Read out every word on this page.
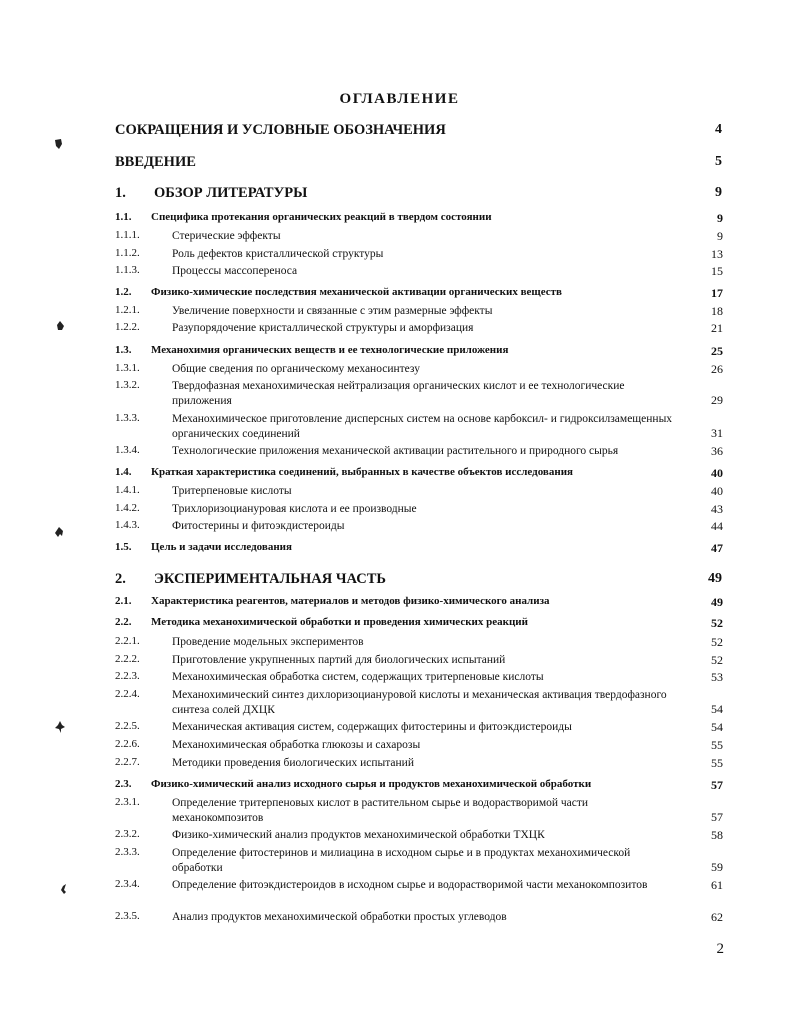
ОГЛАВЛЕНИЕ
СОКРАЩЕНИЯ И УСЛОВНЫЕ ОБОЗНАЧЕНИЯ	4
ВВЕДЕНИЕ	5
1. ОБЗОР ЛИТЕРАТУРЫ	9
1.1. Специфика протекания органических реакций в твердом состоянии	9
1.1.1.	Стерические эффекты	9
1.1.2.	Роль дефектов кристаллической структуры	13
1.1.3.	Процессы массопереноса	15
1.2. Физико-химические последствия механической активации органических веществ	17
1.2.1.	Увеличение поверхности и связанные с этим размерные эффекты	18
1.2.2.	Разупорядочение кристаллической структуры и аморфизация	21
1.3. Механохимия органических веществ и ее технологические приложения	25
1.3.1.	Общие сведения по органическому механосинтезу	26
1.3.2.	Твердофазная механохимическая нейтрализация органических кислот и ее технологические приложения	29
1.3.3.	Механохимическое приготовление дисперсных систем на основе карбоксил- и гидроксилзамещенных органических соединений	31
1.3.4.	Технологические приложения механической активации растительного и природного сырья	36
1.4. Краткая характеристика соединений, выбранных в качестве объектов исследования	40
1.4.1.	Тритерпеновые кислоты	40
1.4.2.	Трихлоризоциануровая кислота и ее производные	43
1.4.3.	Фитостерины и фитоэкдистероиды	44
1.5. Цель и задачи исследования	47
2. ЭКСПЕРИМЕНТАЛЬНАЯ ЧАСТЬ	49
2.1. Характеристика реагентов, материалов и методов физико-химического анализа	49
2.2. Методика механохимической обработки и проведения химических реакций	52
2.2.1.	Проведение модельных экспериментов	52
2.2.2.	Приготовление укрупненных партий для биологических испытаний	52
2.2.3.	Механохимическая обработка систем, содержащих тритерпеновые кислоты	53
2.2.4.	Механохимический синтез дихлоризоциануровой кислоты и механическая активация твердофазного синтеза солей ДХЦК	54
2.2.5.	Механическая активация систем, содержащих фитостерины и фитоэкдистероиды	54
2.2.6.	Механохимическая обработка глюкозы и сахарозы	55
2.2.7.	Методики проведения биологических испытаний	55
2.3. Физико-химический анализ исходного сырья и продуктов механохимической обработки	57
2.3.1.	Определение тритерпеновых кислот в растительном сырье и водорастворимой части механокомпозитов	57
2.3.2.	Физико-химический анализ продуктов механохимической обработки ТХЦК	58
2.3.3.	Определение фитостеринов и милиацина в исходном сырье и в продуктах механохимической обработки	59
2.3.4.	Определение фитоэкдистероидов в исходном сырье и водорастворимой части механокомпозитов	61
2.3.5.	Анализ продуктов механохимической обработки простых углеводов	62
2
